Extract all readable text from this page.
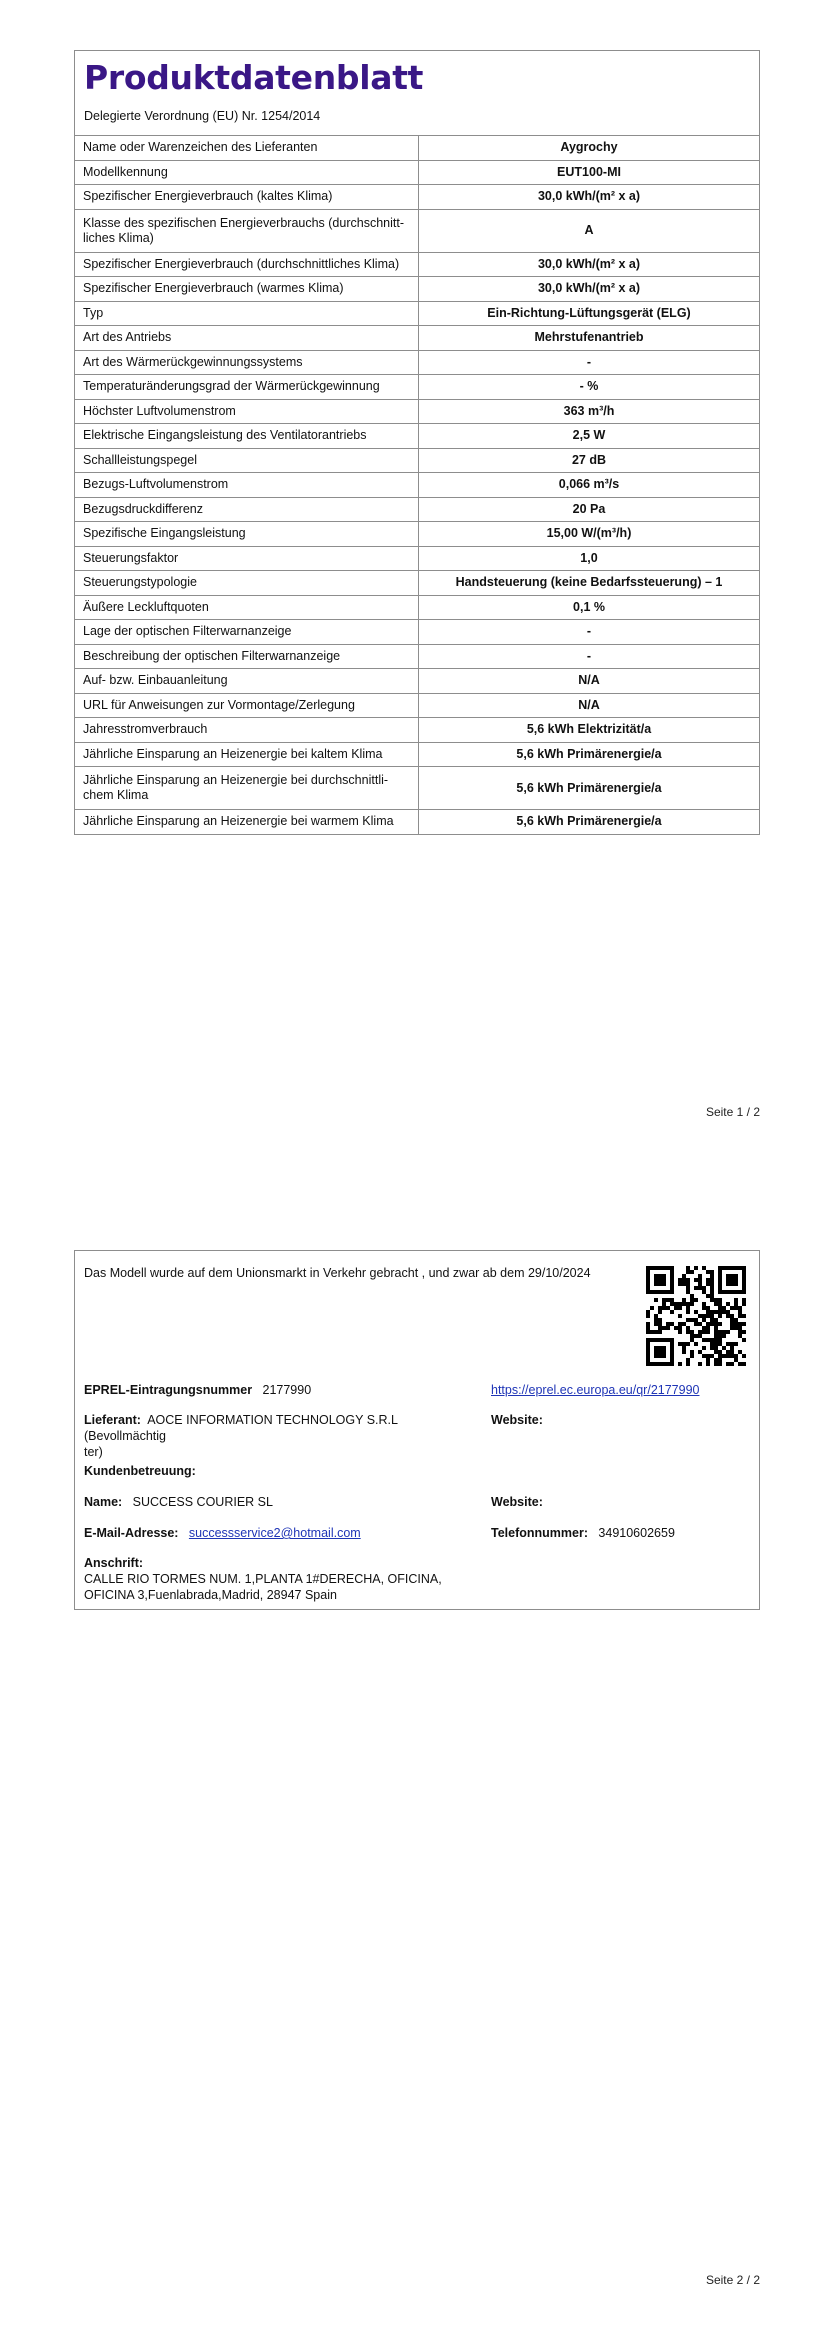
Produktdatenblatt
Delegierte Verordnung (EU) Nr. 1254/2014
Name oder Warenzeichen des Lieferanten	Aygrochy
Modellkennung	EUT100-MI
Spezifischer Energieverbrauch (kaltes Klima)	30,0 kWh/(m² x a)
Klasse des spezifischen Energieverbrauchs (durchschnitt-liches Klima)	A
Spezifischer Energieverbrauch (durchschnittliches Klima)	30,0 kWh/(m² x a)
Spezifischer Energieverbrauch (warmes Klima)	30,0 kWh/(m² x a)
Typ	Ein-Richtung-Lüftungsgerät (ELG)
Art des Antriebs	Mehrstufenantrieb
Art des Wärmerückgewinnungssystems	-
Temperaturänderungsgrad der Wärmerückgewinnung	- %
Höchster Luftvolumenstrom	363 m³/h
Elektrische Eingangsleistung des Ventilatorantriebs	2,5 W
Schallleistungspegel	27 dB
Bezugs-Luftvolumenstrom	0,066 m³/s
Bezugsdruckdifferenz	20 Pa
Spezifische Eingangsleistung	15,00 W/(m³/h)
Steuerungsfaktor	1,0
Steuerungstypologie	Handsteuerung (keine Bedarfssteuerung) – 1
Äußere Leckluftquoten	0,1 %
Lage der optischen Filterwarnanzeige	-
Beschreibung der optischen Filterwarnanzeige	-
Auf- bzw. Einbauanleitung	N/A
URL für Anweisungen zur Vormontage/Zerlegung	N/A
Jahresstromverbrauch	5,6 kWh Elektrizität/a
Jährliche Einsparung an Heizenergie bei kaltem Klima	5,6 kWh Primärenergie/a
Jährliche Einsparung an Heizenergie bei durchschnittli-chem Klima	5,6 kWh Primärenergie/a
Jährliche Einsparung an Heizenergie bei warmem Klima	5,6 kWh Primärenergie/a
Seite 1 / 2
Das Modell wurde auf dem Unionsmarkt in Verkehr gebracht , und zwar ab dem 29/10/2024
EPREL-Eintragungsnummer 2177990	https://eprel.ec.europa.eu/qr/2177990
Lieferant: AOCE INFORMATION TECHNOLOGY S.R.L (Bevollmächtig
ter)
Website:
Kundenbetreuung:
Name: SUCCESS COURIER SL	Website:
E-Mail-Adresse: successservice2@hotmail.com	Telefonnummer: 34910602659
Anschrift:
CALLE RIO TORMES NUM. 1,PLANTA 1#DERECHA, OFICINA,
OFICINA 3,Fuenlabrada,Madrid, 28947 Spain
Seite 2 / 2
